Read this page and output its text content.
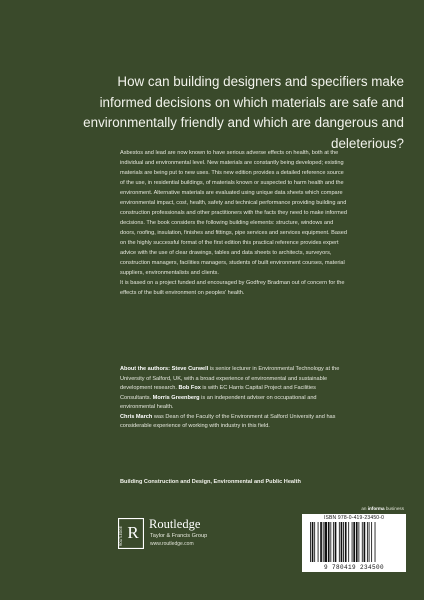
How can building designers and specifiers make informed decisions on which materials are safe and environmentally friendly and which are dangerous and deleterious?

Asbestos and lead are now known to have serious adverse effects on health, both at the individual and environmental level. New materials are constantly being developed; existing materials are being put to new uses. This new edition provides a detailed reference source of the use, in residential buildings, of materials known or suspected to harm health and the environment. Alternative materials are evaluated using unique data sheets which compare environmental impact, cost, health, safety and technical performance providing building and construction professionals and other practitioners with the facts they need to make informed decisions. The book considers the following building elements: structure, windows and doors, roofing, insulation, finishes and fittings, pipe services and services equipment. Based on the highly successful format of the first edition this practical reference provides expert advice with the use of clear drawings, tables and data sheets to architects, surveyors, construction managers, facilities managers, students of built environment courses, material suppliers, environmentalists and clients.

It is based on a project funded and encouraged by Godfrey Bradman out of concern for the effects of the built environment on peoples' health.

About the authors: Steve Curwell is senior lecturer in Environmental Technology at the University of Salford, UK, with a broad experience of environmental and sustainable development research. Bob Fox is with EC Harris Capital Project and Facilities Consultants. Morris Greenberg is an independent adviser on occupational and environmental health.

Chris March was Dean of the Faculty of the Environment at Salford University and has considerable experience of working with industry in this field.

Building Construction and Design, Environmental and Public Health
an informa business
R
ROUTLEDGE
Routledge
Taylor & Francis Group
www.routledge.com
ISBN 978-0-419-23450-0
9 780419 234500
